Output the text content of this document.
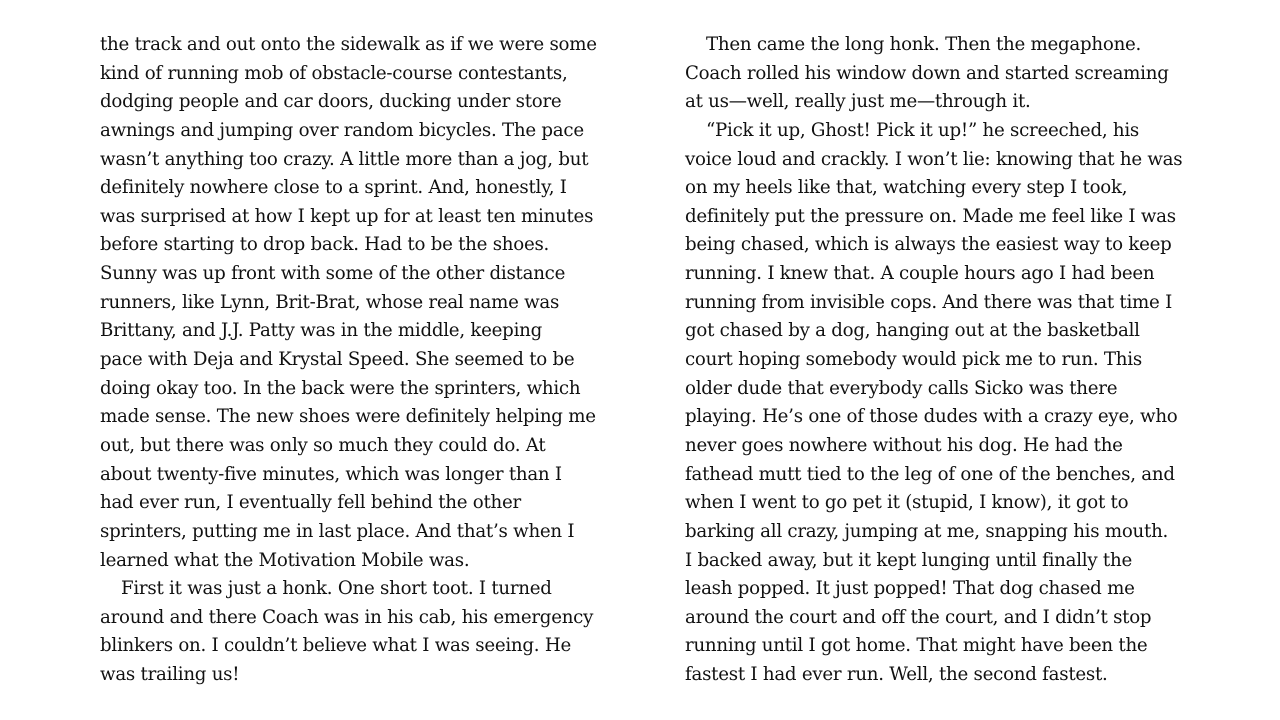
the track and out onto the sidewalk as if we were some
kind of running mob of obstacle-course contestants,
dodging people and car doors, ducking under store
awnings and jumping over random bicycles. The pace
wasn’t anything too crazy. A little more than a jog, but
definitely nowhere close to a sprint. And, honestly, I
was surprised at how I kept up for at least ten minutes
before starting to drop back. Had to be the shoes.
Sunny was up front with some of the other distance
runners, like Lynn, Brit-Brat, whose real name was
Brittany, and J.J. Patty was in the middle, keeping
pace with Deja and Krystal Speed. She seemed to be
doing okay too. In the back were the sprinters, which
made sense. The new shoes were definitely helping me
out, but there was only so much they could do. At
about twenty-five minutes, which was longer than I
had ever run, I eventually fell behind the other
sprinters, putting me in last place. And that’s when I
learned what the Motivation Mobile was.
First it was just a honk. One short toot. I turned
around and there Coach was in his cab, his emergency
blinkers on. I couldn’t believe what I was seeing. He
was trailing us!
Then came the long honk. Then the megaphone.
Coach rolled his window down and started screaming
at us—well, really just me—through it.
“Pick it up, Ghost! Pick it up!” he screeched, his
voice loud and crackly. I won’t lie: knowing that he was
on my heels like that, watching every step I took,
definitely put the pressure on. Made me feel like I was
being chased, which is always the easiest way to keep
running. I knew that. A couple hours ago I had been
running from invisible cops. And there was that time I
got chased by a dog, hanging out at the basketball
court hoping somebody would pick me to run. This
older dude that everybody calls Sicko was there
playing. He’s one of those dudes with a crazy eye, who
never goes nowhere without his dog. He had the
fathead mutt tied to the leg of one of the benches, and
when I went to go pet it (stupid, I know), it got to
barking all crazy, jumping at me, snapping his mouth.
I backed away, but it kept lunging until finally the
leash popped. It just popped! That dog chased me
around the court and off the court, and I didn’t stop
running until I got home. That might have been the
fastest I had ever run. Well, the second fastest.
